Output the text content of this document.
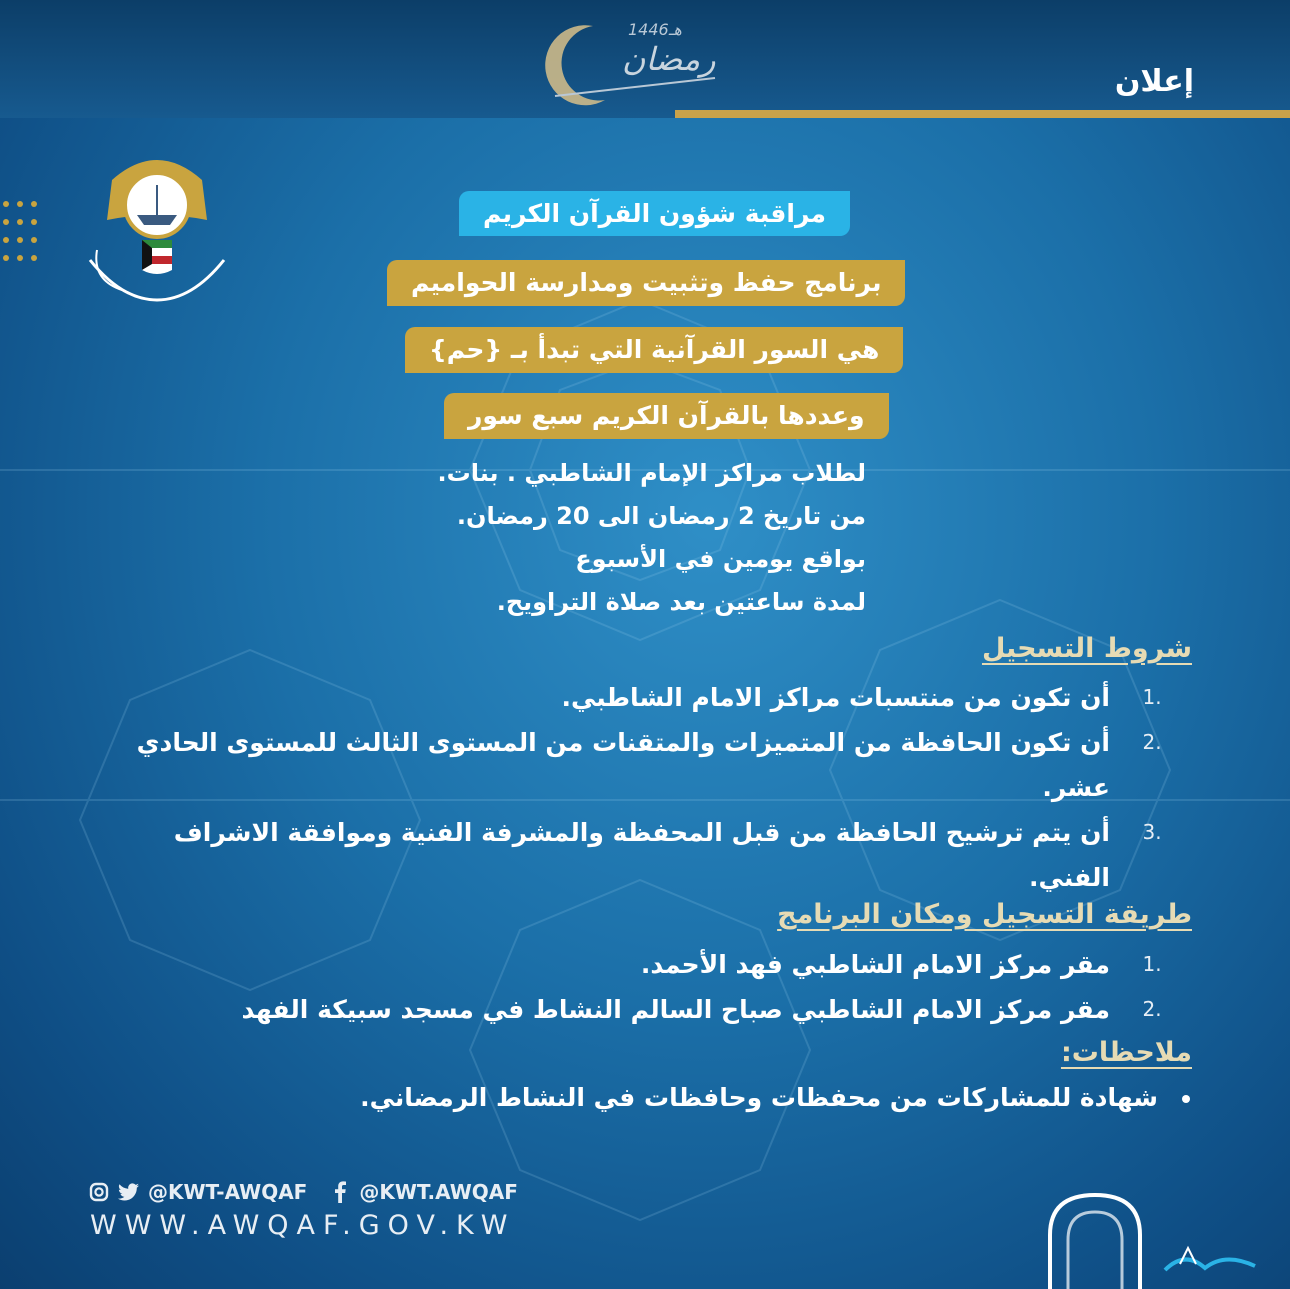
1446هـ
رمضان
إعلان
مراقبة شؤون القرآن الكريم
برنامج حفظ وتثبيت ومدارسة الحواميم
هي السور القرآنية التي تبدأ بـ {حم}
وعددها بالقرآن الكريم سبع سور
لطلاب مراكز الإمام الشاطبي . بنات.
من تاريخ 2 رمضان الى 20 رمضان.
بواقع يومين في الأسبوع
لمدة ساعتين بعد صلاة التراويح.
شروط التسجيل
.1
أن تكون من منتسبات مراكز الامام الشاطبي.
.2
أن تكون الحافظة من المتميزات والمتقنات من المستوى الثالث للمستوى الحادي عشر.
.3
أن يتم ترشيح الحافظة من قبل المحفظة والمشرفة الفنية وموافقة الاشراف الفني.
طريقة التسجيل ومكان البرنامج
.1
مقر مركز الامام الشاطبي فهد الأحمد.
.2
مقر مركز الامام الشاطبي صباح السالم النشاط في مسجد سبيكة الفهد
ملاحظات:
شهادة للمشاركات من محفظات وحافظات في النشاط الرمضاني.
@KWT-AWQAF	@KWT.AWQAF
WWW.AWQAF.GOV.KW
